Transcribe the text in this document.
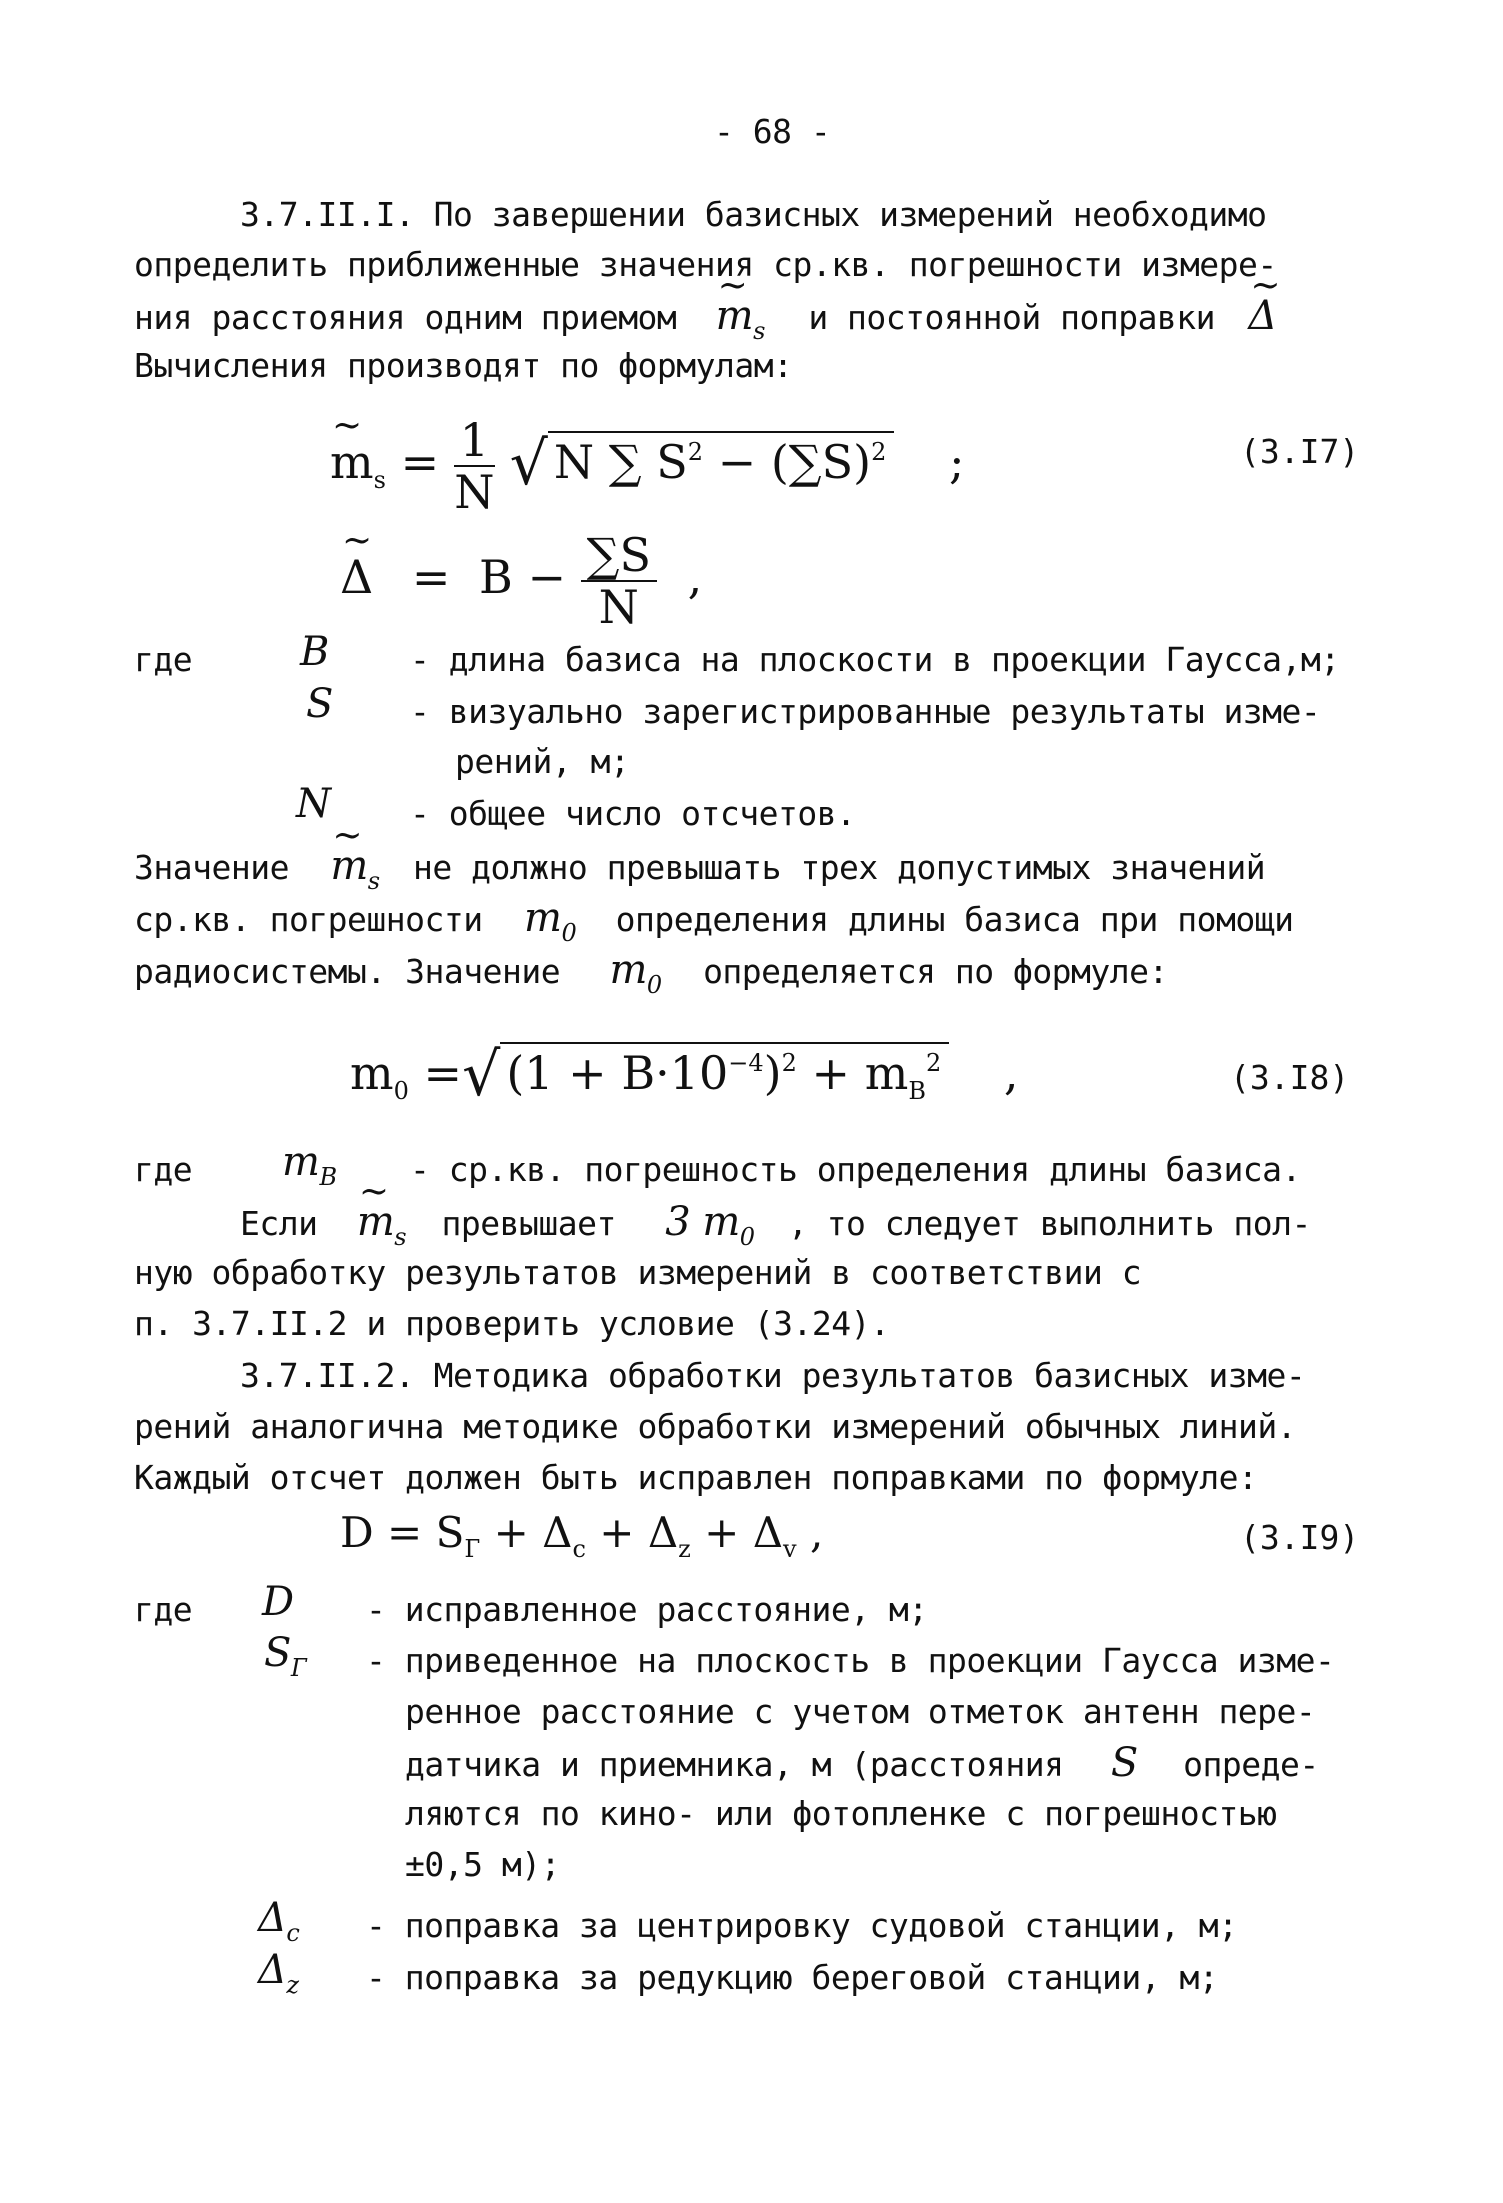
- 68 -
3.7.II.I. По завершении базисных измерений необходимо
определить приближенные значения ср.кв. погрешности измере-
ния расстояния одним приемом ~ $m_s$ и постоянной поправки ~ Δ
Вычисления производят по формулам:
~ $m_s = \frac{1}{N}$ √ N ∑ $S^2 - (\sum S)^2$ ;	(3.I7)
~ $\Delta = B - \frac{\sum S}{N}$ ,
где	B - длина базиса на плоскости в проекции Гаусса,м;
S - визуально зарегистрированные результаты изме-
рений, м;
N - общее число отсчетов.
Значение ~ $m_s$ не должно превышать трех допустимых значений
ср.кв. погрешности $m_0$ определения длины базиса при помощи
радиосистемы. Значение $m_0$ определяется по формуле:
$m_0$ =√ $(1 + B\cdot 10^{-4})^2 + m_B^2$ ,	(3.I8)
где $m_B - ср.кв$. погрешность определения длины базиса.
Если ~ $m_s$ превышает 3 $m_0$ , то следует выполнить пол-
ную обработку результатов измерений в соответствии с
п. 3.7.II.2 и проверить условие (3.24).
3.7.II.2. Методика обработки результатов базисных изме-
рений аналогична методике обработки измерений обычных линий.
Каждый отсчет должен быть исправлен поправками по формуле:
$D = S_Г + \Delta_c + \Delta_z + \Delta_v$ ,	(3.I9)
где D - исправленное расстояние, м;
$S_Г$ - приведенное на плоскость в проекции Гаусса изме-
ренное расстояние с учетом отметок антенн пере-
датчика и приемника, м (расстояния S опреде-
ляются по кино- или фотопленке с погрешностью
±0,5 м);
$\Delta_c$ - поправка за центрировку судовой станции, м;
$\Delta_z$ - поправка за редукцию береговой станции, м;
